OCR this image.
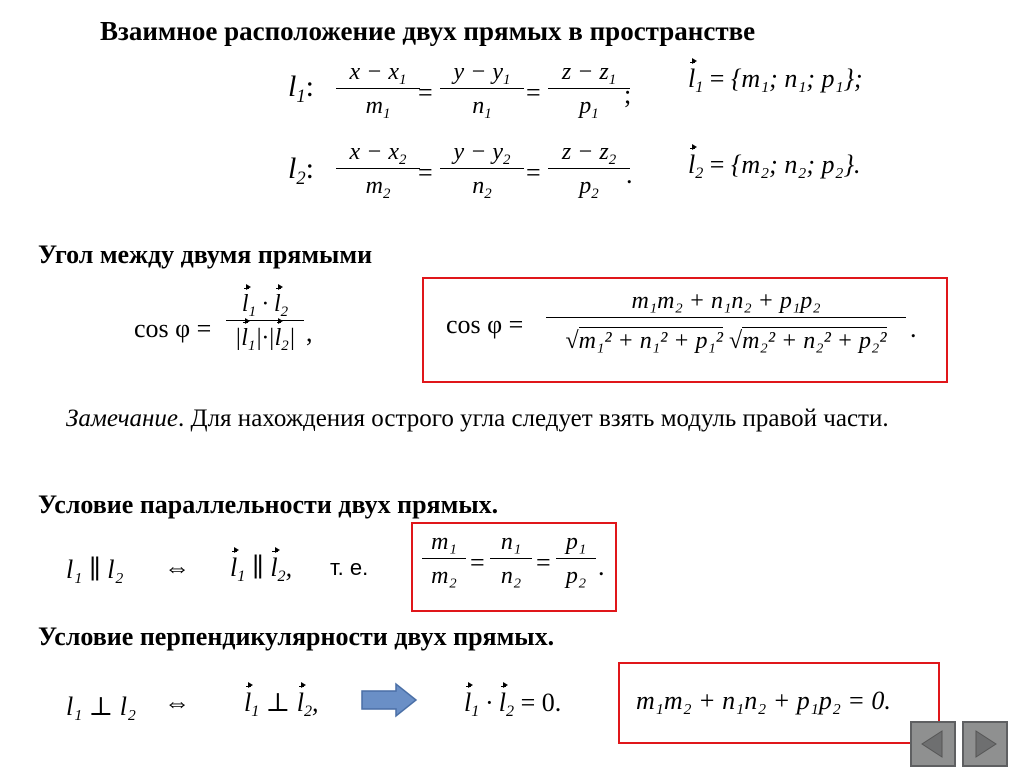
Взаимное расположение двух прямых в пространстве
$l_1$:	$x - x_1$
$m_1$
=
$y - y_1$
$n_1$
=
$z - z_1$
$p_1$
;
$l_1 = \{m_1$; n₁; p₁};
$l_2$:	$x - x_2$
$m_2$
=
$y - y_2$
$n_2$
=
$z - z_2$
$p_2$
. $l_2 = \{m_2$; n₂; p₂}.
Угол между двумя прямыми
cos φ =
$l_1 \cdot l_2$
$|l_1|\cdot|l_2|$ ,	cos φ =
m₁m₂ + n₁n₂ + p₁p₂
√m₁² + n₁² + p₁² √m₂² + n₂² + p₂² .
Замечание. Для нахождения острого угла следует взять модуль правой части.
Условие параллельности двух прямых.
l₁ ∥ l₂ ⇔ $l_1$ ∥ $l_2$, т. е.
m₁
m₂ =
n₁
n₂ =
p₁
p₂ .
Условие перпендикулярности двух прямых.
l₁ ⊥ l₂ ⇔ $l_1$ ⊥ $l_2$,	$l_1 \cdot l_2 = 0$.	m₁m₂ + n₁n₂ + p₁p₂ = 0.
